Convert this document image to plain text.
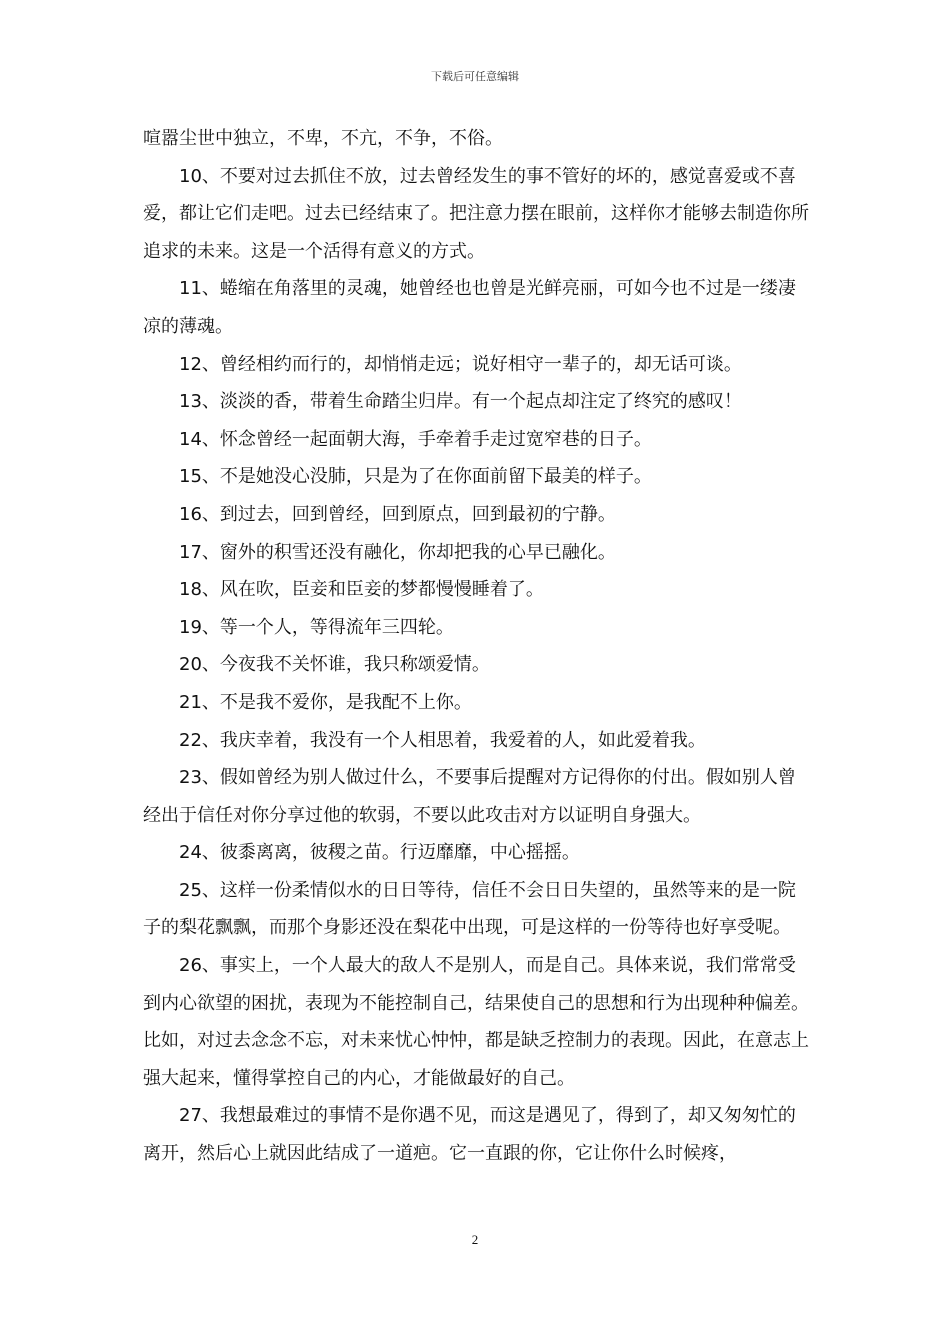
下载后可任意编辑

喧嚣尘世中独立，不卑，不亢，不争，不俗。

10、不要对过去抓住不放，过去曾经发生的事不管好的坏的，感觉喜爱或不喜爱，都让它们走吧。过去已经结束了。把注意力摆在眼前，这样你才能够去制造你所追求的未来。这是一个活得有意义的方式。

11、蜷缩在角落里的灵魂，她曾经也也曾是光鲜亮丽，可如今也不过是一缕凄凉的薄魂。

12、曾经相约而行的，却悄悄走远；说好相守一辈子的，却无话可谈。

13、淡淡的香，带着生命踏尘归岸。有一个起点却注定了终究的感叹！

14、怀念曾经一起面朝大海，手牵着手走过宽窄巷的日子。

15、不是她没心没肺，只是为了在你面前留下最美的样子。

16、到过去，回到曾经，回到原点，回到最初的宁静。

17、窗外的积雪还没有融化，你却把我的心早已融化。

18、风在吹，臣妾和臣妾的梦都慢慢睡着了。

19、等一个人，等得流年三四轮。

20、今夜我不关怀谁，我只称颂爱情。

21、不是我不爱你，是我配不上你。

22、我庆幸着，我没有一个人相思着，我爱着的人，如此爱着我。

23、假如曾经为别人做过什么，不要事后提醒对方记得你的付出。假如别人曾经出于信任对你分享过他的软弱，不要以此攻击对方以证明自身强大。

24、彼黍离离，彼稷之苗。行迈靡靡，中心摇摇。

25、这样一份柔情似水的日日等待，信任不会日日失望的，虽然等来的是一院子的梨花飘飘，而那个身影还没在梨花中出现，可是这样的一份等待也好享受呢。

26、事实上，一个人最大的敌人不是别人，而是自己。具体来说，我们常常受到内心欲望的困扰，表现为不能控制自己，结果使自己的思想和行为出现种种偏差。比如，对过去念念不忘，对未来忧心忡忡，都是缺乏控制力的表现。因此，在意志上强大起来，懂得掌控自己的内心，才能做最好的自己。

27、我想最难过的事情不是你遇不见，而这是遇见了，得到了，却又匆匆忙的离开，然后心上就因此结成了一道疤。它一直跟的你，它让你什么时候疼，

2
